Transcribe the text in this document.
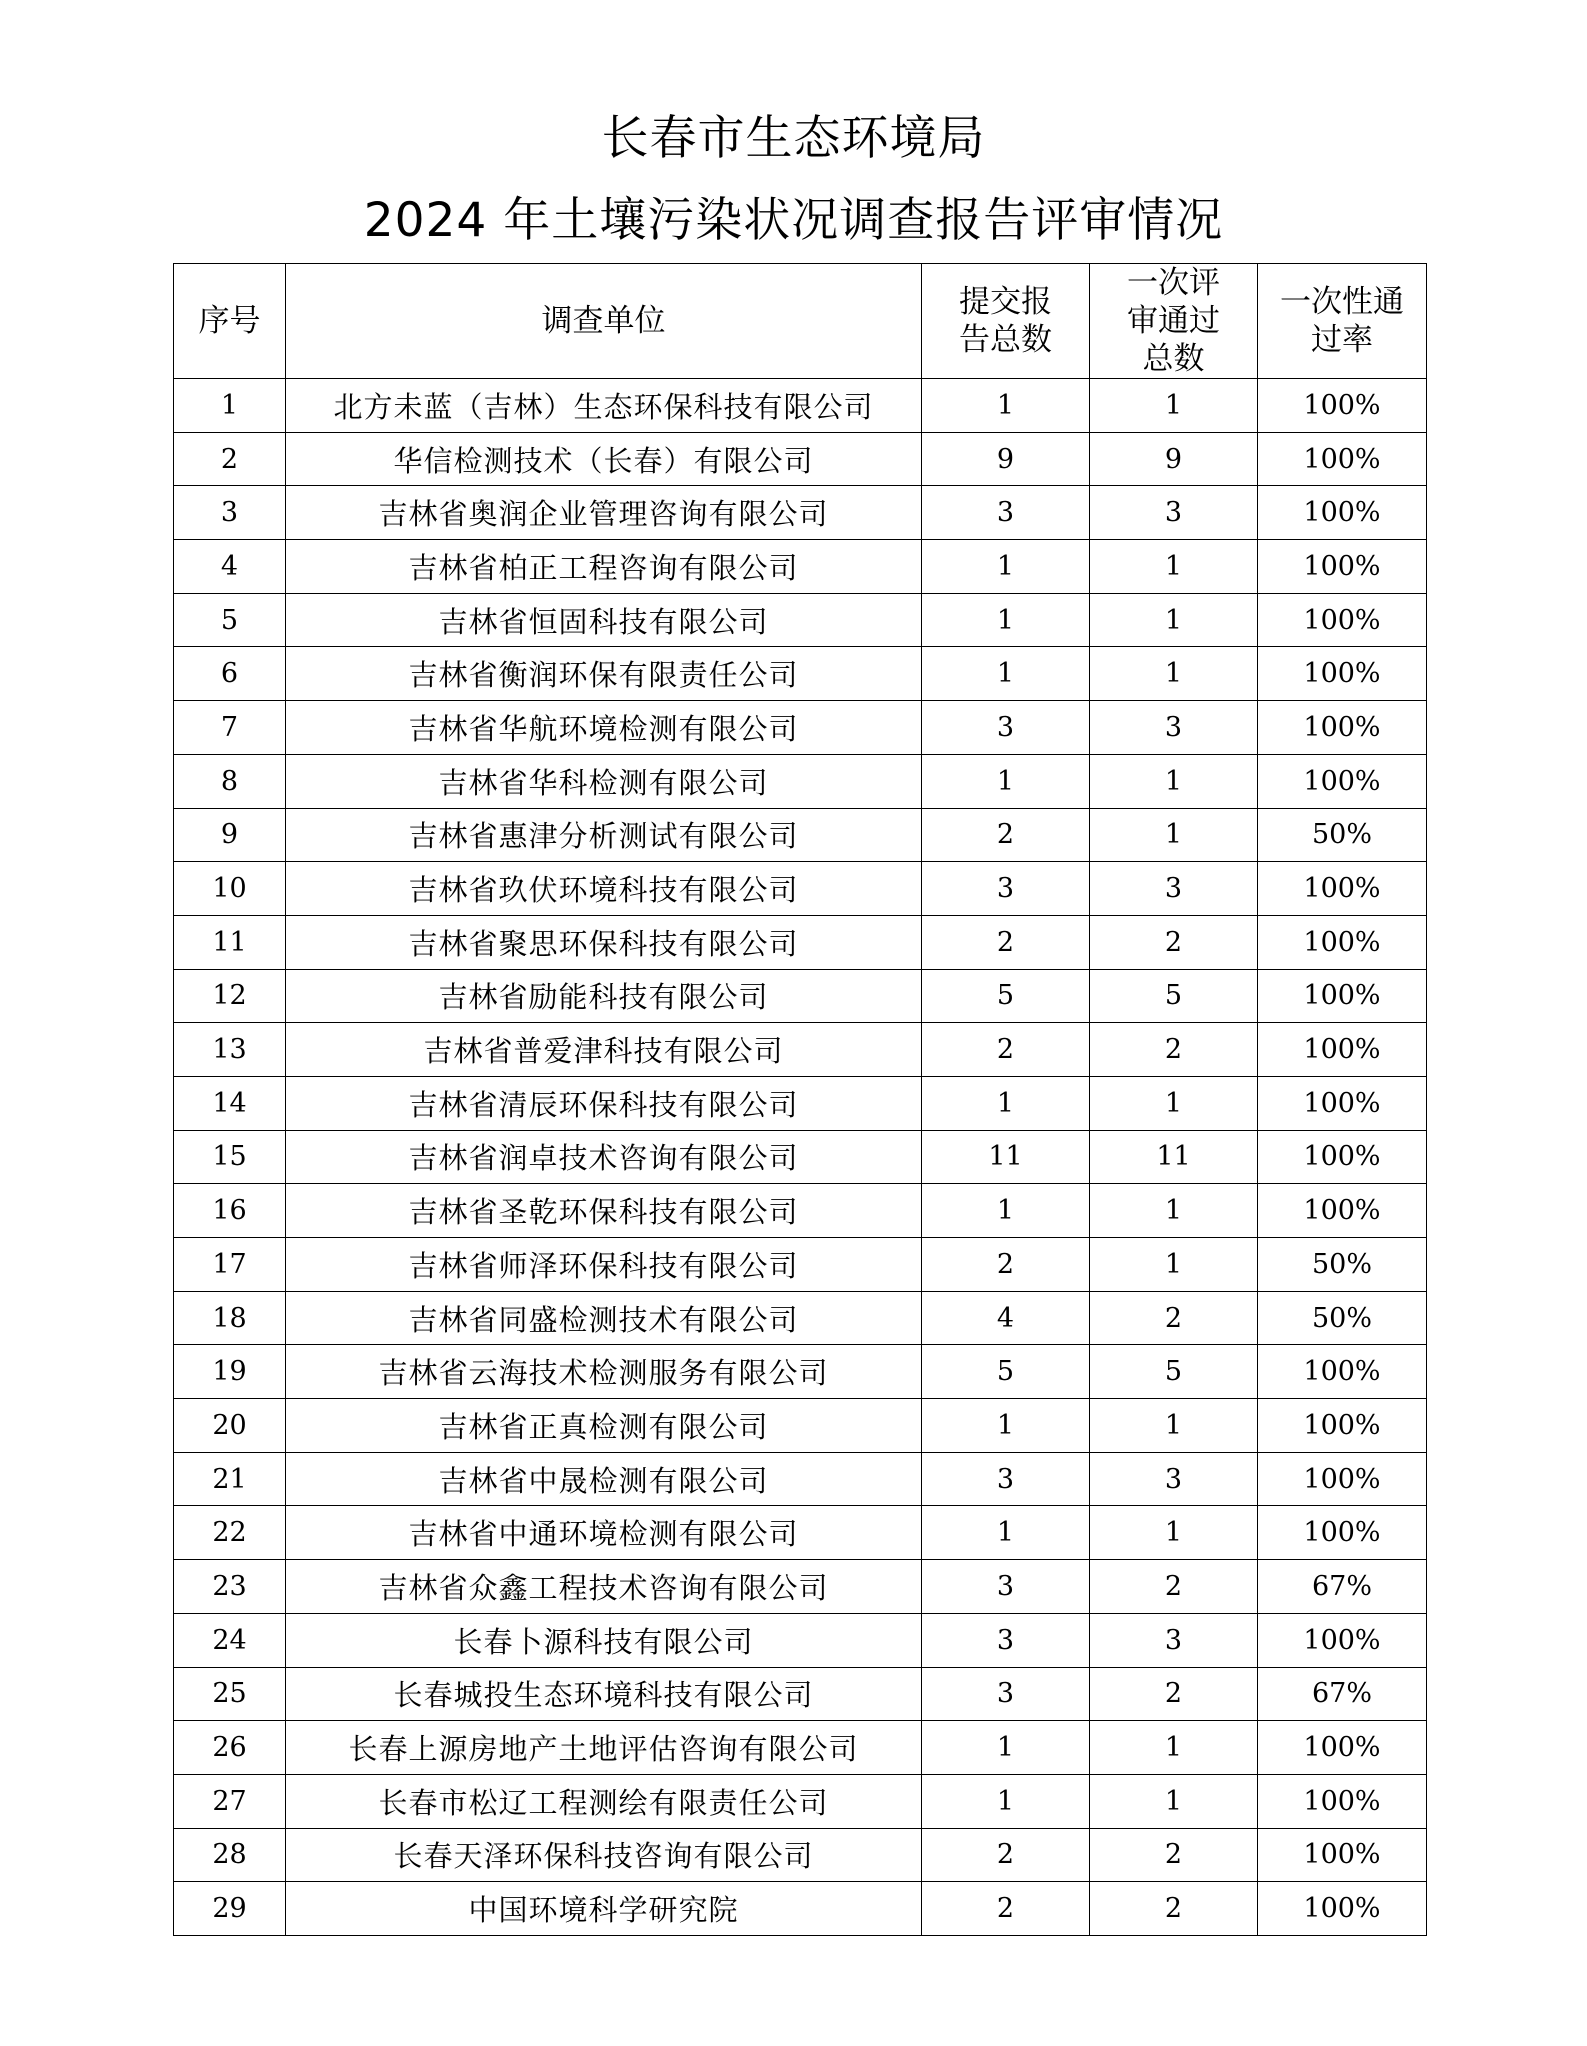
长春市生态环境局
2024 年土壤污染状况调查报告评审情况
序号	调查单位	提交报告总数	一次评审通过总数	一次性通过率
1	北方未蓝（吉林）生态环保科技有限公司	1	1	100%
2	华信检测技术（长春）有限公司	9	9	100%
3	吉林省奥润企业管理咨询有限公司	3	3	100%
4	吉林省柏正工程咨询有限公司	1	1	100%
5	吉林省恒固科技有限公司	1	1	100%
6	吉林省衡润环保有限责任公司	1	1	100%
7	吉林省华航环境检测有限公司	3	3	100%
8	吉林省华科检测有限公司	1	1	100%
9	吉林省惠津分析测试有限公司	2	1	50%
10	吉林省玖伏环境科技有限公司	3	3	100%
11	吉林省聚思环保科技有限公司	2	2	100%
12	吉林省励能科技有限公司	5	5	100%
13	吉林省普爱津科技有限公司	2	2	100%
14	吉林省清辰环保科技有限公司	1	1	100%
15	吉林省润卓技术咨询有限公司	11	11	100%
16	吉林省圣乾环保科技有限公司	1	1	100%
17	吉林省师泽环保科技有限公司	2	1	50%
18	吉林省同盛检测技术有限公司	4	2	50%
19	吉林省云海技术检测服务有限公司	5	5	100%
20	吉林省正真检测有限公司	1	1	100%
21	吉林省中晟检测有限公司	3	3	100%
22	吉林省中通环境检测有限公司	1	1	100%
23	吉林省众鑫工程技术咨询有限公司	3	2	67%
24	长春卜源科技有限公司	3	3	100%
25	长春城投生态环境科技有限公司	3	2	67%
26	长春上源房地产土地评估咨询有限公司	1	1	100%
27	长春市松辽工程测绘有限责任公司	1	1	100%
28	长春天泽环保科技咨询有限公司	2	2	100%
29	中国环境科学研究院	2	2	100%
